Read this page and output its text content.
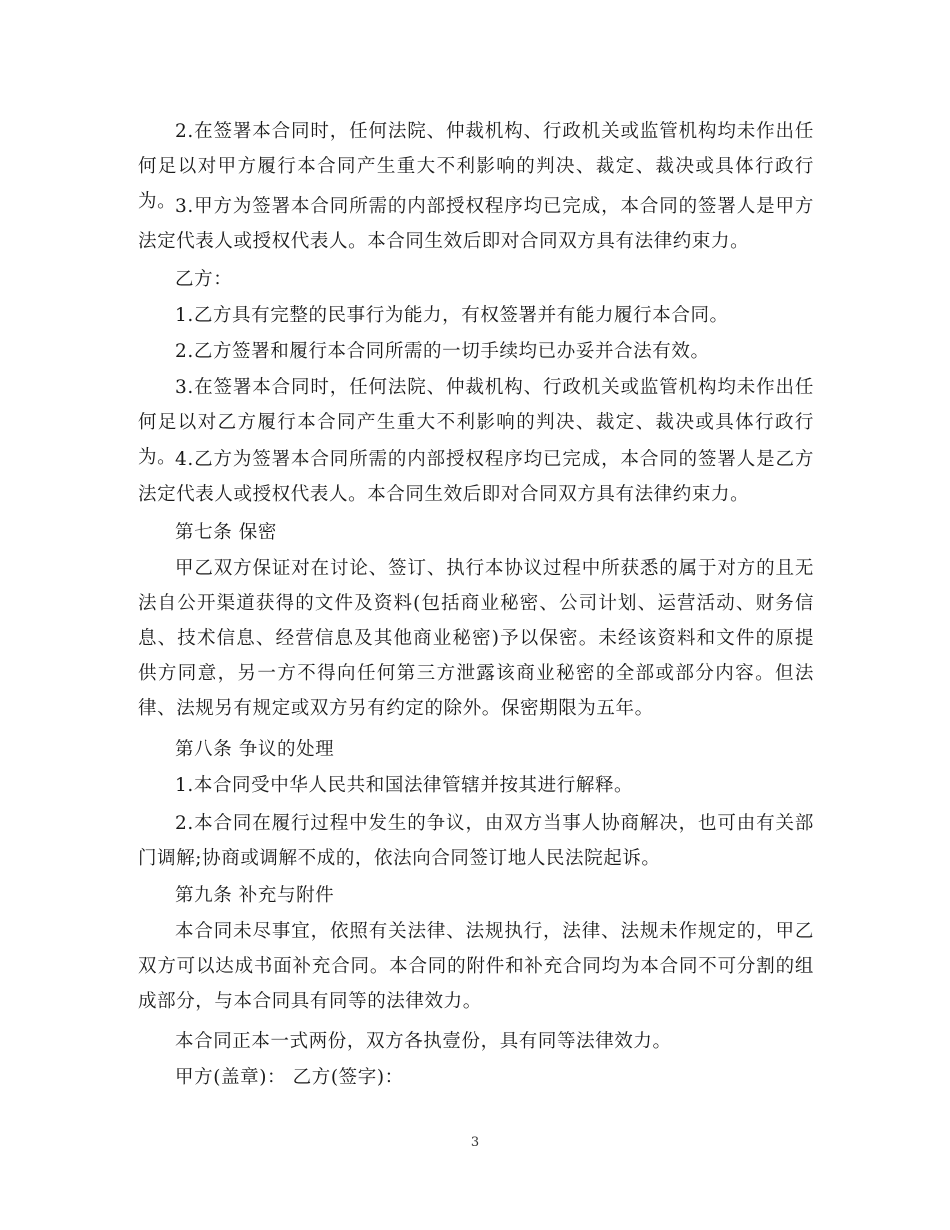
2.在签署本合同时，任何法院、仲裁机构、行政机关或监管机构均未作出任何足以对甲方履行本合同产生重大不利影响的判决、裁定、裁决或具体行政行为。

3.甲方为签署本合同所需的内部授权程序均已完成，本合同的签署人是甲方法定代表人或授权代表人。本合同生效后即对合同双方具有法律约束力。

乙方：

1.乙方具有完整的民事行为能力，有权签署并有能力履行本合同。

2.乙方签署和履行本合同所需的一切手续均已办妥并合法有效。

3.在签署本合同时，任何法院、仲裁机构、行政机关或监管机构均未作出任何足以对乙方履行本合同产生重大不利影响的判决、裁定、裁决或具体行政行为。

4.乙方为签署本合同所需的内部授权程序均已完成，本合同的签署人是乙方法定代表人或授权代表人。本合同生效后即对合同双方具有法律约束力。

第七条 保密

甲乙双方保证对在讨论、签订、执行本协议过程中所获悉的属于对方的且无法自公开渠道获得的文件及资料(包括商业秘密、公司计划、运营活动、财务信息、技术信息、经营信息及其他商业秘密)予以保密。未经该资料和文件的原提供方同意，另一方不得向任何第三方泄露该商业秘密的全部或部分内容。但法律、法规另有规定或双方另有约定的除外。保密期限为五年。

第八条 争议的处理

1.本合同受中华人民共和国法律管辖并按其进行解释。

2.本合同在履行过程中发生的争议，由双方当事人协商解决，也可由有关部门调解;协商或调解不成的，依法向合同签订地人民法院起诉。

第九条 补充与附件

本合同未尽事宜，依照有关法律、法规执行，法律、法规未作规定的，甲乙双方可以达成书面补充合同。本合同的附件和补充合同均为本合同不可分割的组成部分，与本合同具有同等的法律效力。

本合同正本一式两份，双方各执壹份，具有同等法律效力。

甲方(盖章)： 乙方(签字)：

3
